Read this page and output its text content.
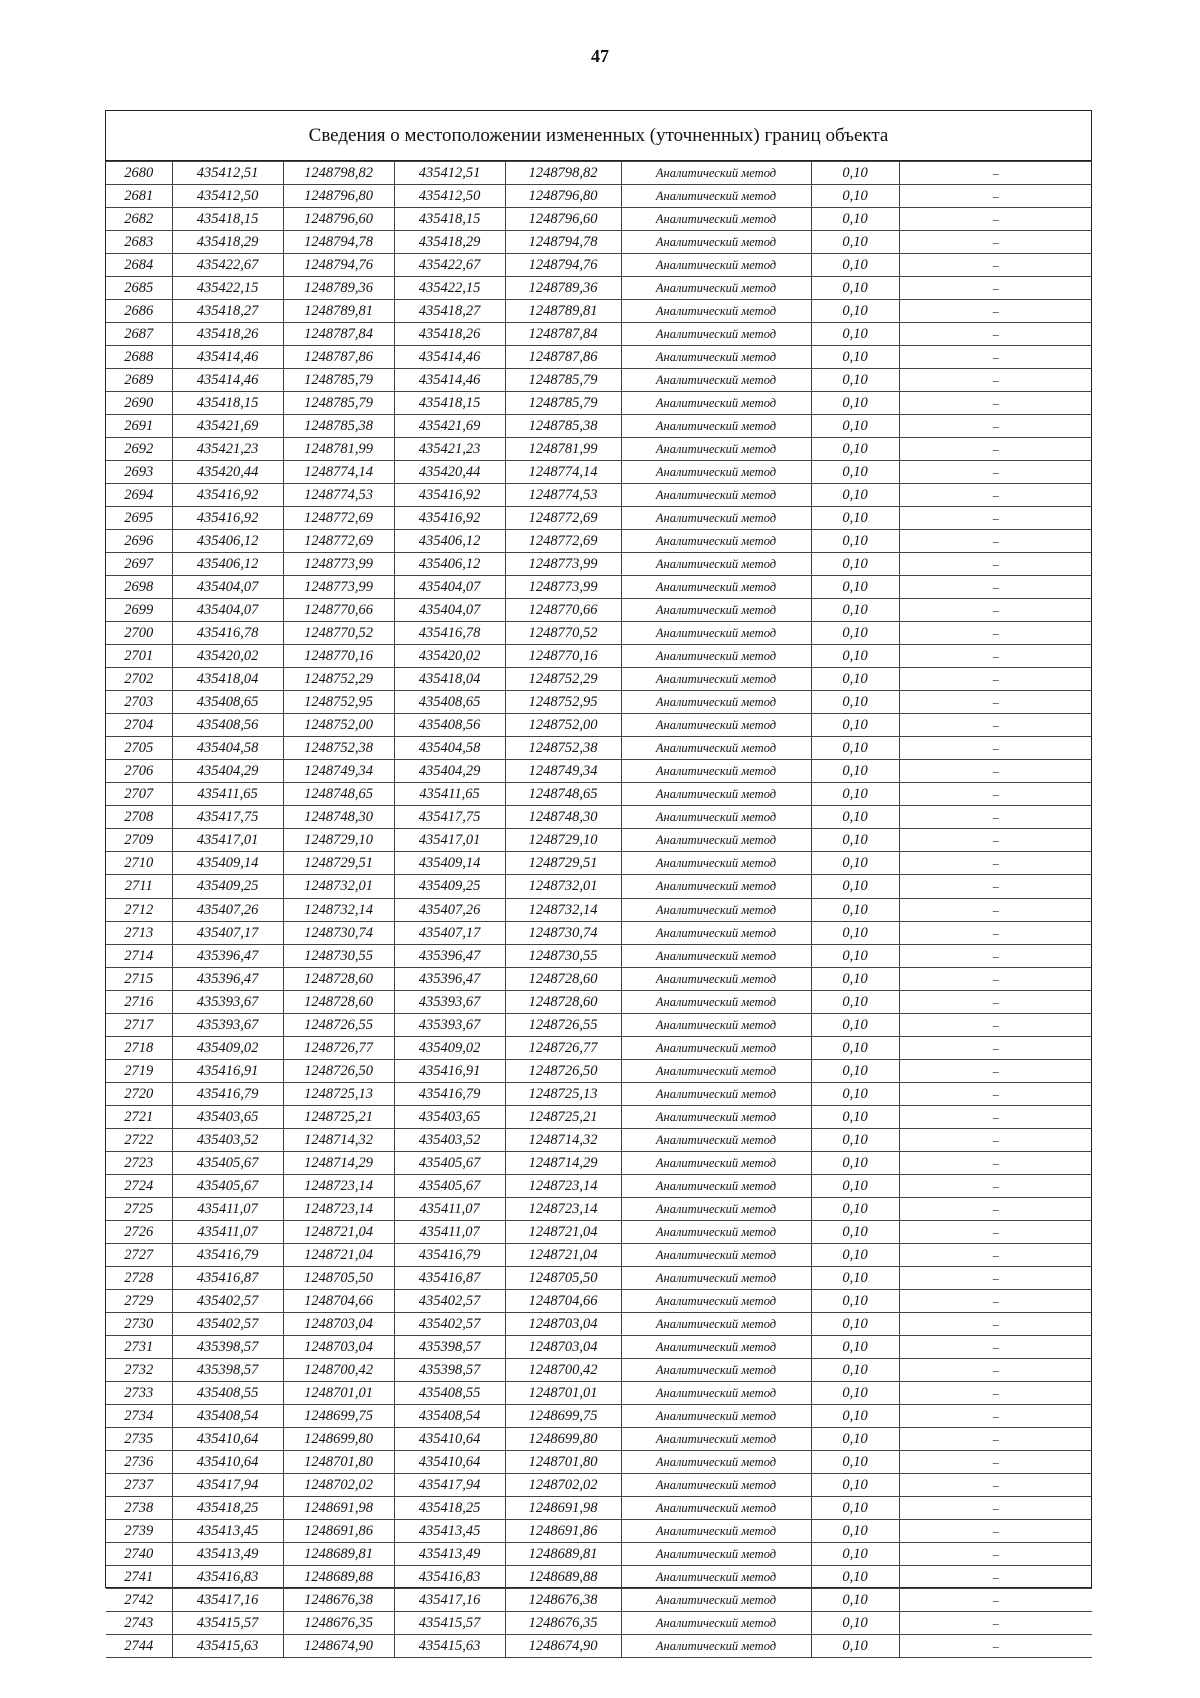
47
Сведения о местоположении измененных (уточненных) границ объекта
2680	435412,51	1248798,82	435412,51	1248798,82	Аналитический метод	0,10	–
2681	435412,50	1248796,80	435412,50	1248796,80	Аналитический метод	0,10	–
2682	435418,15	1248796,60	435418,15	1248796,60	Аналитический метод	0,10	–
2683	435418,29	1248794,78	435418,29	1248794,78	Аналитический метод	0,10	–
2684	435422,67	1248794,76	435422,67	1248794,76	Аналитический метод	0,10	–
2685	435422,15	1248789,36	435422,15	1248789,36	Аналитический метод	0,10	–
2686	435418,27	1248789,81	435418,27	1248789,81	Аналитический метод	0,10	–
2687	435418,26	1248787,84	435418,26	1248787,84	Аналитический метод	0,10	–
2688	435414,46	1248787,86	435414,46	1248787,86	Аналитический метод	0,10	–
2689	435414,46	1248785,79	435414,46	1248785,79	Аналитический метод	0,10	–
2690	435418,15	1248785,79	435418,15	1248785,79	Аналитический метод	0,10	–
2691	435421,69	1248785,38	435421,69	1248785,38	Аналитический метод	0,10	–
2692	435421,23	1248781,99	435421,23	1248781,99	Аналитический метод	0,10	–
2693	435420,44	1248774,14	435420,44	1248774,14	Аналитический метод	0,10	–
2694	435416,92	1248774,53	435416,92	1248774,53	Аналитический метод	0,10	–
2695	435416,92	1248772,69	435416,92	1248772,69	Аналитический метод	0,10	–
2696	435406,12	1248772,69	435406,12	1248772,69	Аналитический метод	0,10	–
2697	435406,12	1248773,99	435406,12	1248773,99	Аналитический метод	0,10	–
2698	435404,07	1248773,99	435404,07	1248773,99	Аналитический метод	0,10	–
2699	435404,07	1248770,66	435404,07	1248770,66	Аналитический метод	0,10	–
2700	435416,78	1248770,52	435416,78	1248770,52	Аналитический метод	0,10	–
2701	435420,02	1248770,16	435420,02	1248770,16	Аналитический метод	0,10	–
2702	435418,04	1248752,29	435418,04	1248752,29	Аналитический метод	0,10	–
2703	435408,65	1248752,95	435408,65	1248752,95	Аналитический метод	0,10	–
2704	435408,56	1248752,00	435408,56	1248752,00	Аналитический метод	0,10	–
2705	435404,58	1248752,38	435404,58	1248752,38	Аналитический метод	0,10	–
2706	435404,29	1248749,34	435404,29	1248749,34	Аналитический метод	0,10	–
2707	435411,65	1248748,65	435411,65	1248748,65	Аналитический метод	0,10	–
2708	435417,75	1248748,30	435417,75	1248748,30	Аналитический метод	0,10	–
2709	435417,01	1248729,10	435417,01	1248729,10	Аналитический метод	0,10	–
2710	435409,14	1248729,51	435409,14	1248729,51	Аналитический метод	0,10	–
2711	435409,25	1248732,01	435409,25	1248732,01	Аналитический метод	0,10	–
2712	435407,26	1248732,14	435407,26	1248732,14	Аналитический метод	0,10	–
2713	435407,17	1248730,74	435407,17	1248730,74	Аналитический метод	0,10	–
2714	435396,47	1248730,55	435396,47	1248730,55	Аналитический метод	0,10	–
2715	435396,47	1248728,60	435396,47	1248728,60	Аналитический метод	0,10	–
2716	435393,67	1248728,60	435393,67	1248728,60	Аналитический метод	0,10	–
2717	435393,67	1248726,55	435393,67	1248726,55	Аналитический метод	0,10	–
2718	435409,02	1248726,77	435409,02	1248726,77	Аналитический метод	0,10	–
2719	435416,91	1248726,50	435416,91	1248726,50	Аналитический метод	0,10	–
2720	435416,79	1248725,13	435416,79	1248725,13	Аналитический метод	0,10	–
2721	435403,65	1248725,21	435403,65	1248725,21	Аналитический метод	0,10	–
2722	435403,52	1248714,32	435403,52	1248714,32	Аналитический метод	0,10	–
2723	435405,67	1248714,29	435405,67	1248714,29	Аналитический метод	0,10	–
2724	435405,67	1248723,14	435405,67	1248723,14	Аналитический метод	0,10	–
2725	435411,07	1248723,14	435411,07	1248723,14	Аналитический метод	0,10	–
2726	435411,07	1248721,04	435411,07	1248721,04	Аналитический метод	0,10	–
2727	435416,79	1248721,04	435416,79	1248721,04	Аналитический метод	0,10	–
2728	435416,87	1248705,50	435416,87	1248705,50	Аналитический метод	0,10	–
2729	435402,57	1248704,66	435402,57	1248704,66	Аналитический метод	0,10	–
2730	435402,57	1248703,04	435402,57	1248703,04	Аналитический метод	0,10	–
2731	435398,57	1248703,04	435398,57	1248703,04	Аналитический метод	0,10	–
2732	435398,57	1248700,42	435398,57	1248700,42	Аналитический метод	0,10	–
2733	435408,55	1248701,01	435408,55	1248701,01	Аналитический метод	0,10	–
2734	435408,54	1248699,75	435408,54	1248699,75	Аналитический метод	0,10	–
2735	435410,64	1248699,80	435410,64	1248699,80	Аналитический метод	0,10	–
2736	435410,64	1248701,80	435410,64	1248701,80	Аналитический метод	0,10	–
2737	435417,94	1248702,02	435417,94	1248702,02	Аналитический метод	0,10	–
2738	435418,25	1248691,98	435418,25	1248691,98	Аналитический метод	0,10	–
2739	435413,45	1248691,86	435413,45	1248691,86	Аналитический метод	0,10	–
2740	435413,49	1248689,81	435413,49	1248689,81	Аналитический метод	0,10	–
2741	435416,83	1248689,88	435416,83	1248689,88	Аналитический метод	0,10	–
2742	435417,16	1248676,38	435417,16	1248676,38	Аналитический метод	0,10	–
2743	435415,57	1248676,35	435415,57	1248676,35	Аналитический метод	0,10	–
2744	435415,63	1248674,90	435415,63	1248674,90	Аналитический метод	0,10	–
